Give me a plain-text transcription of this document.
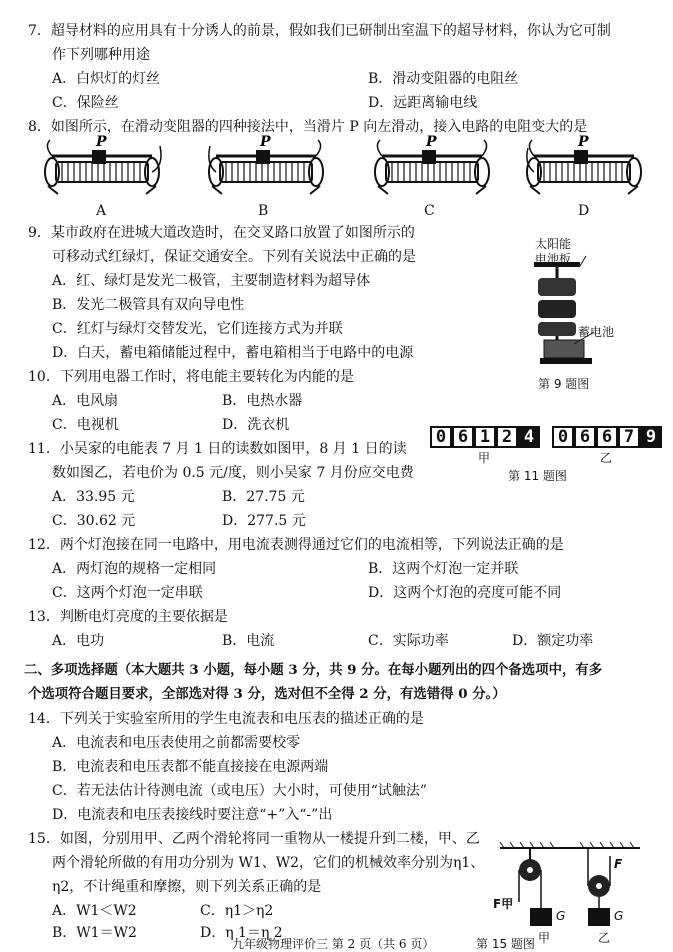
7．超导材料的应用具有十分诱人的前景，假如我们已研制出室温下的超导材料，你认为它可制
作下列哪种用途
A．白炽灯的灯丝	B．滑动变阻器的电阻丝
C．保险丝	D．远距离输电线
8．如图所示，在滑动变阻器的四种接法中，当滑片 P 向左滑动，接入电路的电阻变大的是
P	P	P	P
A	B	C	D
9．某市政府在进城大道改造时，在交叉路口放置了如图所示的
可移动式红绿灯，保证交通安全。下列有关说法中正确的是
A．红、绿灯是发光二极管，主要制造材料为超导体
B．发光二极管具有双向导电性
C．红灯与绿灯交替发光，它们连接方式为并联
D．白天，蓄电箱储能过程中，蓄电箱相当于电路中的电源
太阳能
电池板
蓄电池
第 9 题图
10．下列用电器工作时，将电能主要转化为内能的是
A．电风扇	B．电热水器
C．电视机	D．洗衣机
11．小吴家的电能表 7 月 1 日的读数如图甲，8 月 1 日的读
数如图乙，若电价为 0.5 元/度，则小吴家 7 月份应交电费
A．33.95 元	B．27.75 元
C．30.62 元	D．277.5 元
0 6 1 2 4	0 6 6 7 9
甲	乙
第 11 题图
12．两个灯泡接在同一电路中，用电流表测得通过它们的电流相等，下列说法正确的是
A．两灯泡的规格一定相同	B．这两个灯泡一定并联
C．这两个灯泡一定串联	D．这两个灯泡的亮度可能不同
13．判断电灯亮度的主要依据是
A．电功	B．电流	C．实际功率	D．额定功率
二、多项选择题（本大题共 3 小题，每小题 3 分，共 9 分。在每小题列出的四个备选项中，有多
个选项符合题目要求，全部选对得 3 分，选对但不全得 2 分，有选错得 0 分。）
14．下列关于实验室所用的学生电流表和电压表的描述正确的是
A．电流表和电压表使用之前都需要校零
B．电流表和电压表都不能直接接在电源两端
C．若无法估计待测电流（或电压）大小时，可使用“试触法”
D．电流表和电压表接线时要注意“+”入“-”出
15．如图，分别用甲、乙两个滑轮将同一重物从一楼提升到二楼，甲、乙
两个滑轮所做的有用功分别为 W1、W2，它们的机械效率分别为η1、
η2，不计绳重和摩擦，则下列关系正确的是
A．W1＜W2
B．W1＝W2
C．η1＞η2
D．η 1＝η 2
F甲
F
G	G
甲	乙
第 15 题图
九年级物理评价三 第 2 页（共 6 页）
